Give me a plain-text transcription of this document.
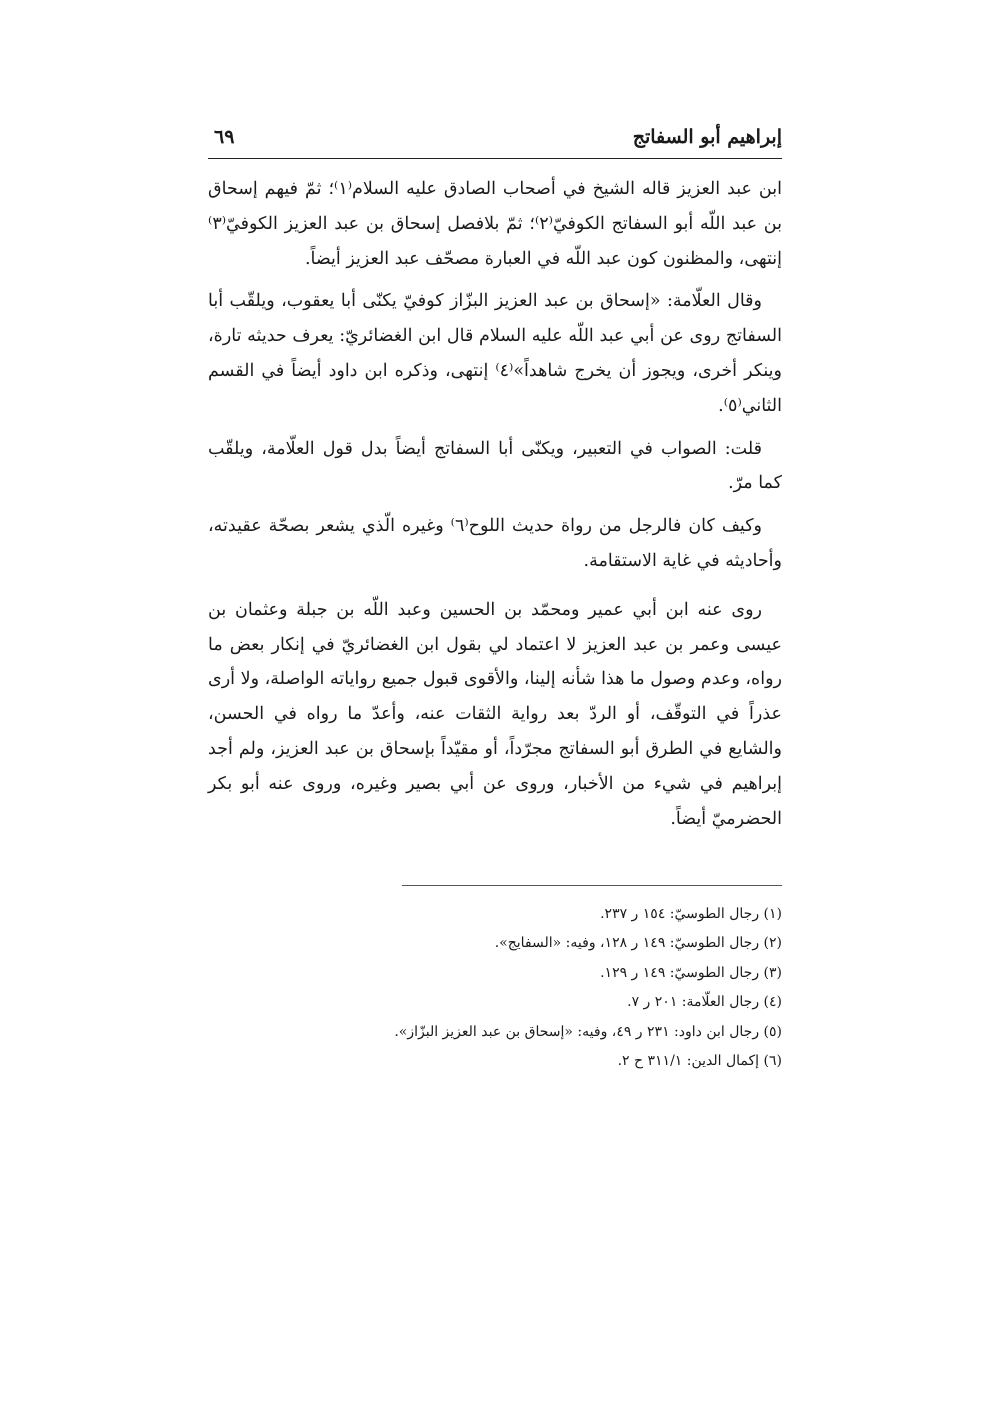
إبراهيم أبو السفاتج
٦٩

ابن عبد العزيز قاله الشيخ في أصحاب الصادق عليه السلام⁽١⁾؛ ثمّ فيهم إسحاق بن عبد اللّه أبو السفاتج الكوفيّ⁽٢⁾؛ ثمّ بلافصل إسحاق بن عبد العزيز الكوفيّ⁽٣⁾ إنتهى، والمظنون كون عبد اللّه في العبارة مصحّف عبد العزيز أيضاً.

وقال العلّامة: «إسحاق بن عبد العزيز البزّاز كوفيّ يكنّى أبا يعقوب، ويلقّب أبا السفاتج روى عن أبي عبد اللّه عليه السلام قال ابن الغضائريّ: يعرف حديثه تارة، وينكر أخرى، ويجوز أن يخرج شاهداً»⁽٤⁾ إنتهى، وذكره ابن داود أيضاً في القسم الثاني⁽٥⁾.

قلت: الصواب في التعبير، ويكنّى أبا السفاتج أيضاً بدل قول العلّامة، ويلقّب كما مرّ.

وكيف كان فالرجل من رواة حديث اللوح⁽٦⁾ وغيره الّذي يشعر بصحّة عقيدته، وأحاديثه في غاية الاستقامة.

روى عنه ابن أبي عمير ومحمّد بن الحسين وعبد اللّه بن جبلة وعثمان بن عيسى وعمر بن عبد العزيز لا اعتماد لي بقول ابن الغضائريّ في إنكار بعض ما رواه، وعدم وصول ما هذا شأنه إلينا، والأقوى قبول جميع رواياته الواصلة، ولا أرى عذراً في التوقّف، أو الردّ بعد رواية الثقات عنه، وأعدّ ما رواه في الحسن، والشايع في الطرق أبو السفاتج مجرّداً، أو مقيّداً بإسحاق بن عبد العزيز، ولم أجد إبراهيم في شيء من الأخبار، وروى عن أبي بصير وغيره، وروى عنه أبو بكر الحضرميّ أيضاً.

(١) رجال الطوسيّ: ١٥٤ ر ٢٣٧.
(٢) رجال الطوسيّ: ١٤٩ ر ١٢٨، وفيه: «السفايج».
(٣) رجال الطوسيّ: ١٤٩ ر ١٢٩.
(٤) رجال العلّامة: ٢٠١ ر ٧.
(٥) رجال ابن داود: ٢٣١ ر ٤٩، وفيه: «إسحاق بن عبد العزيز البزّاز».
(٦) إكمال الدين: ٣١١/١ ح ٢.
